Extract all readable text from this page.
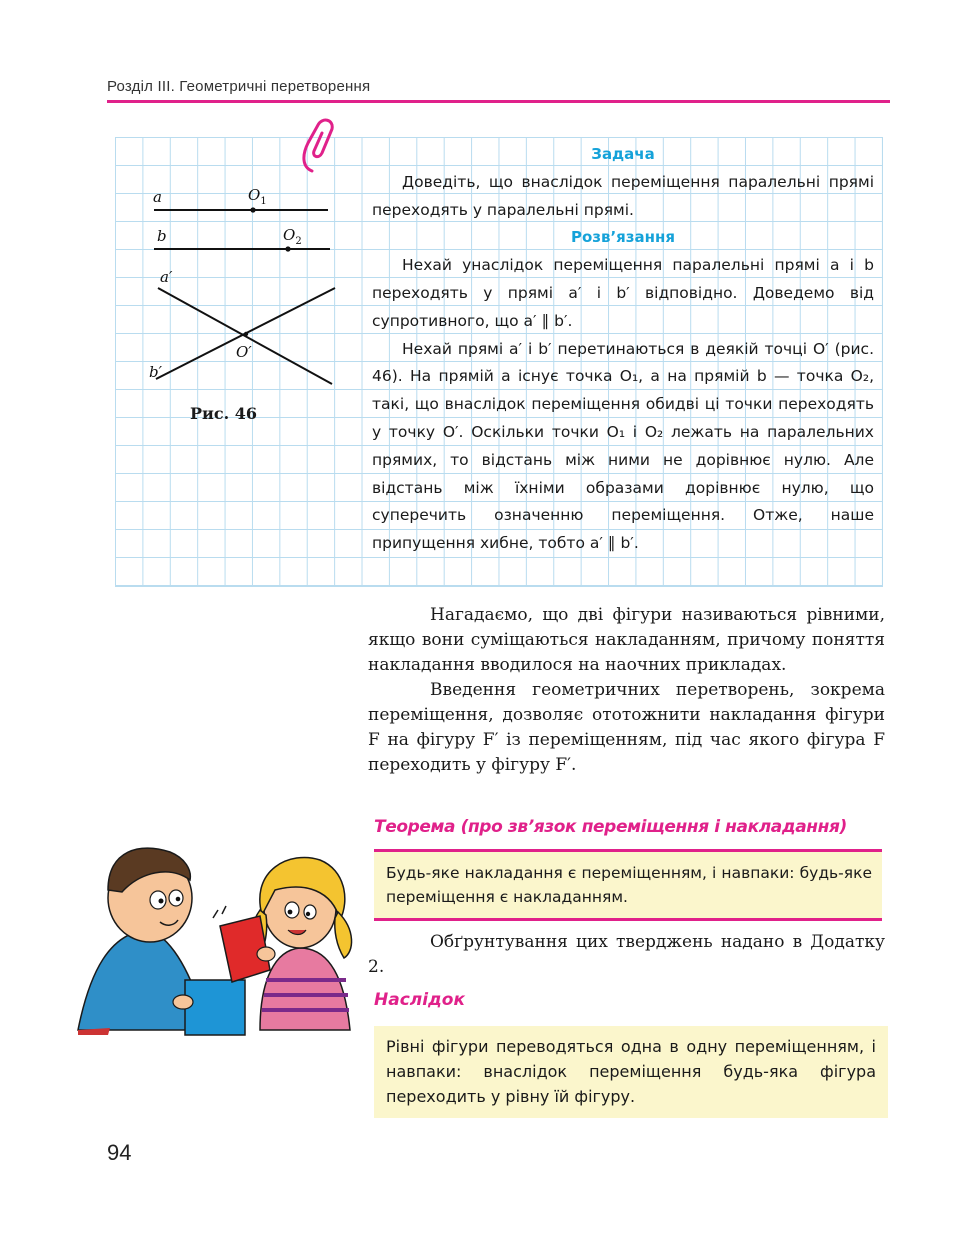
Розділ ІІІ. Геометричні перетворення
a
b
a′
b′
O′
$O_1$
$O_2$
Рис. 46
Задача

Доведіть, що внаслідок переміщення паралельні прямі переходять у паралельні прямі.

Розв’язання

Нехай унаслідок переміщення паралельні прямі a і b переходять у прямі a′ і b′ відповідно. Доведемо від супротивного, що a′ ∥ b′.

Нехай прямі a′ і b′ перетинаються в деякій точці O′ (рис. 46). На прямій a існує точка O₁, а на прямій b — точка O₂, такі, що внаслідок переміщення обидві ці точки переходять у точку O′. Оскільки точки O₁ і O₂ лежать на паралельних прямих, то відстань між ними не дорівнює нулю. Але відстань між їхніми образами дорівнює нулю, що суперечить означенню переміщення. Отже, наше припущення хибне, тобто a′ ∥ b′.

Нагадаємо, що дві фігури називаються рівними, якщо вони суміщаються накладанням, причому поняття накладання вводилося на наочних прикладах.

Введення геометричних перетворень, зокрема переміщення, дозволяє ототожнити накладання фігури F на фігуру F′ із переміщенням, під час якого фігура F переходить у фігуру F′.

Теорема (про зв’язок переміщення і накладання)
Будь-яке накладання є переміщенням, і навпаки: будь-яке переміщення є накладанням.

Обґрунтування цих тверджень надано в Додатку 2.

Наслідок
Рівні фігури переводяться одна в одну переміщенням, і навпаки: внаслідок переміщення будь-яка фігура переходить у рівну їй фігуру.
94
